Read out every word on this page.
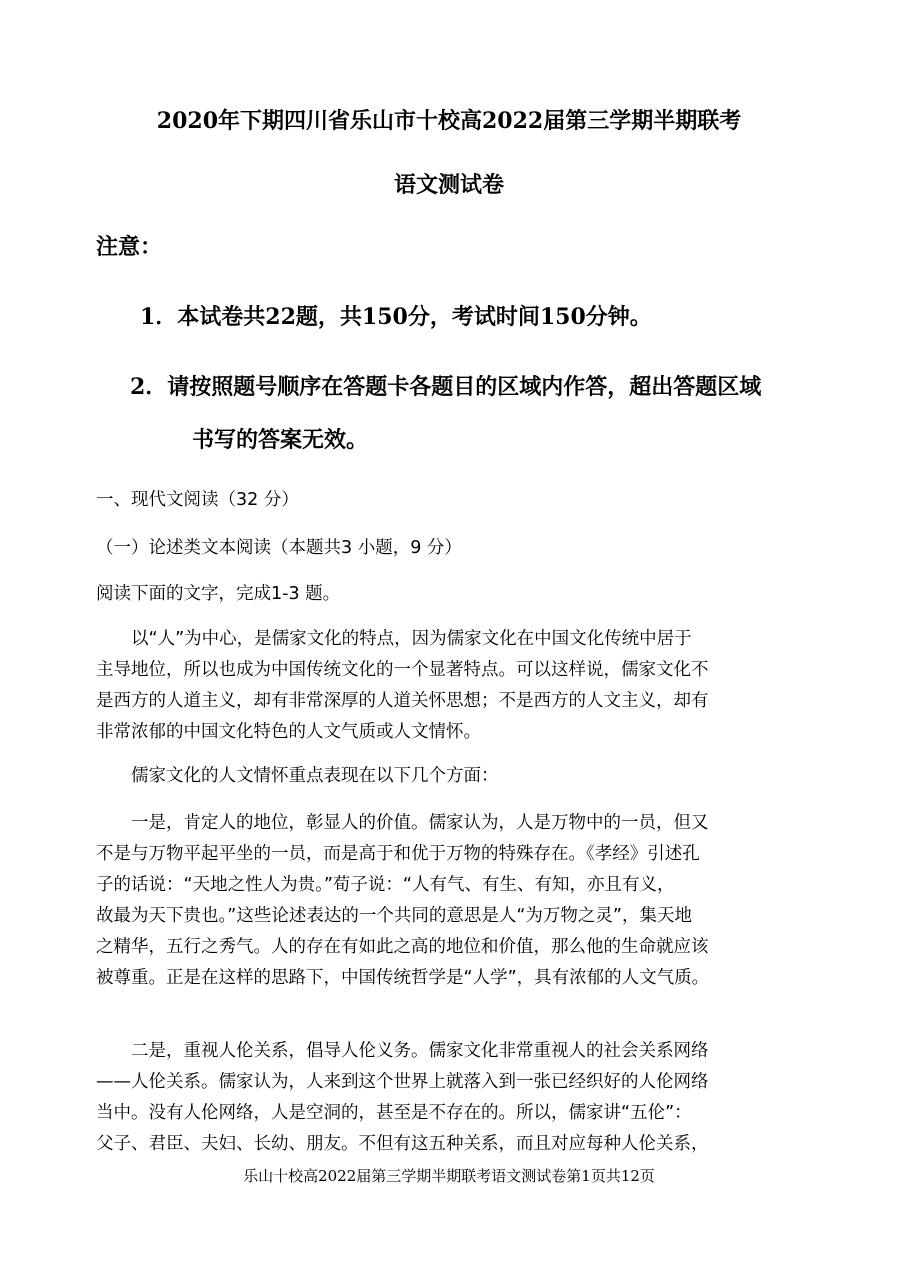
2020年下期四川省乐山市十校高2022届第三学期半期联考
语文测试卷
注意：
1．本试卷共22题，共150分，考试时间150分钟。
2．请按照题号顺序在答题卡各题目的区域内作答，超出答题区域
书写的答案无效。
一、现代文阅读（32 分）
（一）论述类文本阅读（本题共3 小题，9 分）
阅读下面的文字，完成1-3 题。
　　以“人”为中心，是儒家文化的特点，因为儒家文化在中国文化传统中居于
主导地位，所以也成为中国传统文化的一个显著特点。可以这样说，儒家文化不
是西方的人道主义，却有非常深厚的人道关怀思想；不是西方的人文主义，却有
非常浓郁的中国文化特色的人文气质或人文情怀。
　　儒家文化的人文情怀重点表现在以下几个方面：
　　一是，肯定人的地位，彰显人的价值。儒家认为，人是万物中的一员，但又
不是与万物平起平坐的一员，而是高于和优于万物的特殊存在。《孝经》引述孔
子的话说：“天地之性人为贵。”荀子说：“人有气、有生、有知，亦且有义，
故最为天下贵也。”这些论述表达的一个共同的意思是人“为万物之灵”，集天地
之精华，五行之秀气。人的存在有如此之高的地位和价值，那么他的生命就应该
被尊重。正是在这样的思路下，中国传统哲学是“人学”，具有浓郁的人文气质。
　　二是，重视人伦关系，倡导人伦义务。儒家文化非常重视人的社会关系网络
——人伦关系。儒家认为，人来到这个世界上就落入到一张已经织好的人伦网络
当中。没有人伦网络，人是空洞的，甚至是不存在的。所以，儒家讲“五伦”：
父子、君臣、夫妇、长幼、朋友。不但有这五种关系，而且对应每种人伦关系，
乐山十校高2022届第三学期半期联考语文测试卷第1页共12页
